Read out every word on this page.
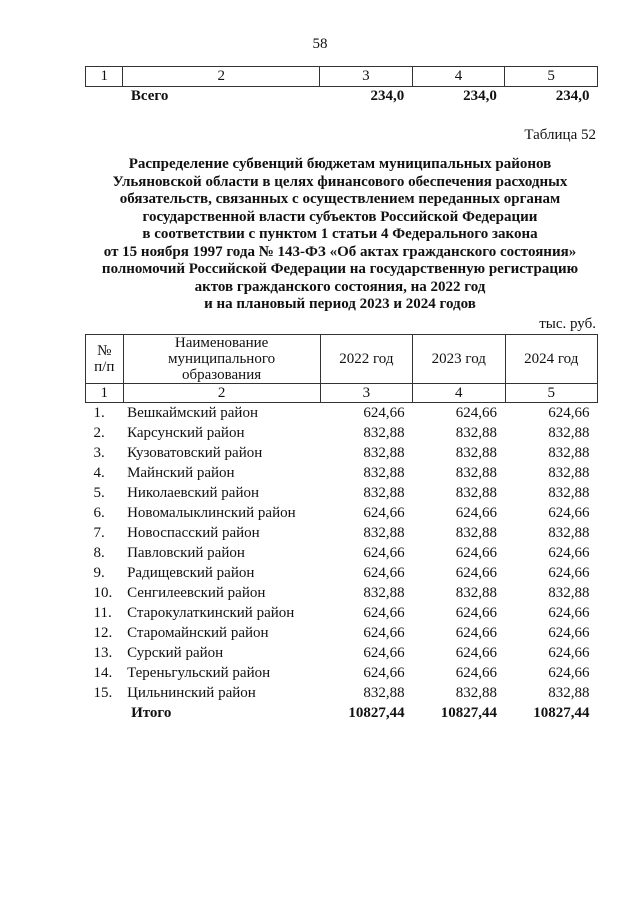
58
1	2	3	4	5
	Всего	234,0	234,0	234,0
Таблица 52
Распределение субвенций бюджетам муниципальных районов
Ульяновской области в целях финансового обеспечения расходных
обязательств, связанных с осуществлением переданных органам
государственной власти субъектов Российской Федерации
в соответствии с пунктом 1 статьи 4 Федерального закона
от 15 ноября 1997 года № 143-ФЗ «Об актах гражданского состояния»
полномочий Российской Федерации на государственную регистрацию
актов гражданского состояния, на 2022 год
и на плановый период 2023 и 2024 годов
тыс. руб.
№ п/п	Наименование муниципального образования	2022 год	2023 год	2024 год
1	2	3	4	5
1.	Вешкаймский район	624,66	624,66	624,66
2.	Карсунский район	832,88	832,88	832,88
3.	Кузоватовский район	832,88	832,88	832,88
4.	Майнский район	832,88	832,88	832,88
5.	Николаевский район	832,88	832,88	832,88
6.	Новомалыклинский район	624,66	624,66	624,66
7.	Новоспасский район	832,88	832,88	832,88
8.	Павловский район	624,66	624,66	624,66
9.	Радищевский район	624,66	624,66	624,66
10.	Сенгилеевский район	832,88	832,88	832,88
11.	Старокулаткинский район	624,66	624,66	624,66
12.	Старомайнский район	624,66	624,66	624,66
13.	Сурский район	624,66	624,66	624,66
14.	Тереньгульский район	624,66	624,66	624,66
15.	Цильнинский район	832,88	832,88	832,88
	Итого	10827,44	10827,44	10827,44
